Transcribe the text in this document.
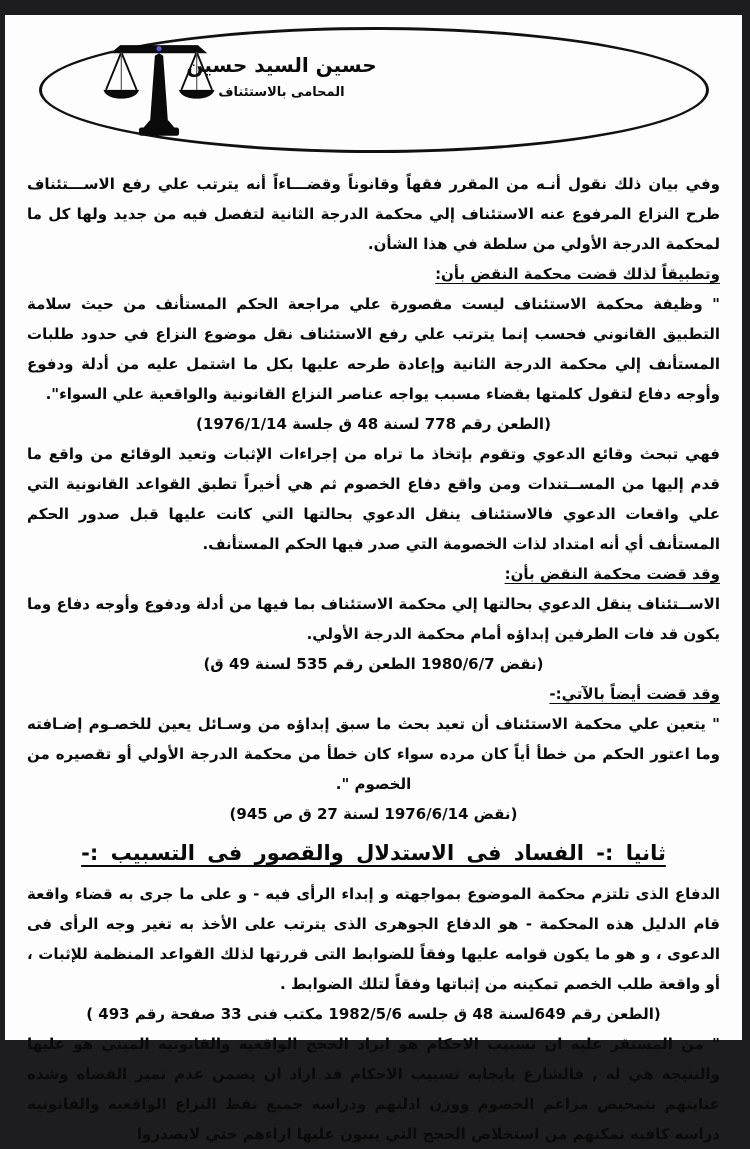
حسين السيد حسين
المحامى بالاستئناف

وفي بيان ذلك نقول أنـه من المقرر فقهاً وقانوناً وقضـــاءاً أنه يترتب علي رفع الاســـتئناف طرح النزاع المرفوع عنه الاستئناف إلي محكمة الدرجة الثانية لتفصل فيه من جديد ولها كل ما لمحكمة الدرجة الأولي من سلطة في هذا الشأن.

وتطبيقاً لذلك قضت محكمة النقض بأن:

" وظيفة محكمة الاستئناف ليست مقصورة علي مراجعة الحكم المستأنف من حيث سلامة التطبيق القانوني فحسب إنما يترتب علي رفع الاستئناف نقل موضوع النزاع في حدود طلبات المستأنف إلي محكمة الدرجة الثانية وإعادة طرحه عليها بكل ما اشتمل عليه من أدلة ودفوع وأوجه دفاع لتقول كلمتها بقضاء مسبب يواجه عناصر النزاع القانونية والواقعية علي السواء".

(الطعن رقم 778 لسنة 48 ق جلسة 1976/1/14)

فهي تبحث وقائع الدعوي وتقوم بإتخاذ ما تراه من إجراءات الإثبات وتعيد الوقائع من واقع ما قدم إليها من المســتندات ومن واقع دفاع الخصوم ثم هي أخيراً تطبق القواعد القانونية التي علي واقعات الدعوي فالاستئناف ينقل الدعوي بحالتها التي كانت عليها قبل صدور الحكم المستأنف أي أنه امتداد لذات الخصومة التي صدر فيها الحكم المستأنف.

وقد قضت محكمة النقض بأن:

الاســتئناف ينقل الدعوي بحالتها إلي محكمة الاستئناف بما فيها من أدلة ودفوع وأوجه دفاع وما يكون قد فات الطرفين إبداؤه أمام محكمة الدرجة الأولي.

(نقض 1980/6/7 الطعن رقم 535 لسنة 49 ق)

وقد قضت أيضاً بالآتي:-

" يتعين علي محكمة الاستئناف أن تعيد بحث ما سبق إبداؤه من وسـائل يعين للخصـوم إضـافته وما اعتور الحكم من خطأ أياً كان مرده سواء كان خطأ من محكمة الدرجة الأولي أو تقصيره من الخصوم ".

(نقض 1976/6/14 لسنة 27 ق ص 945)

ثانيا :- الفساد فى الاستدلال والقصور فى التسبيب :-

الدفاع الذى تلتزم محكمة الموضوع بمواجهته و إبداء الرأى فيه - و على ما جرى به قضاء واقعة قام الدليل هذه المحكمة - هو الدفاع الجوهرى الذى يترتب على الأخذ به تغير وجه الرأى فى الدعوى ، و هو ما يكون قوامه عليها وفقاً للضوابط التى قررتها لذلك القواعد المنظمة للإثبات ، أو واقعة طلب الخصم تمكينه من إثباتها وفقاً لتلك الضوابط .

(الطعن رقم 649لسنة 48 ق جلسه 1982/5/6 مكتب فنى 33 صفحة رقم 493 )

" من المستقر عليه ان تسبيب الاحكام هو ايراد الحجج الواقعيه والقانونيه المبني هو عليها والنتيجه هي له , فالشارع بايجابه تسبيب الاحكام قد اراد ان يضمن عدم تميز القضاه وشده عنايتهم بتمحيص مزاعم الخصوم ووزن ادلتهم ودراسه جميع نقط النزاع الواقعيه والقانونيه دراسه كافيه تمكنهم من استخلاص الحجج التي يبنون عليها اراءهم حتي لايصدروا
